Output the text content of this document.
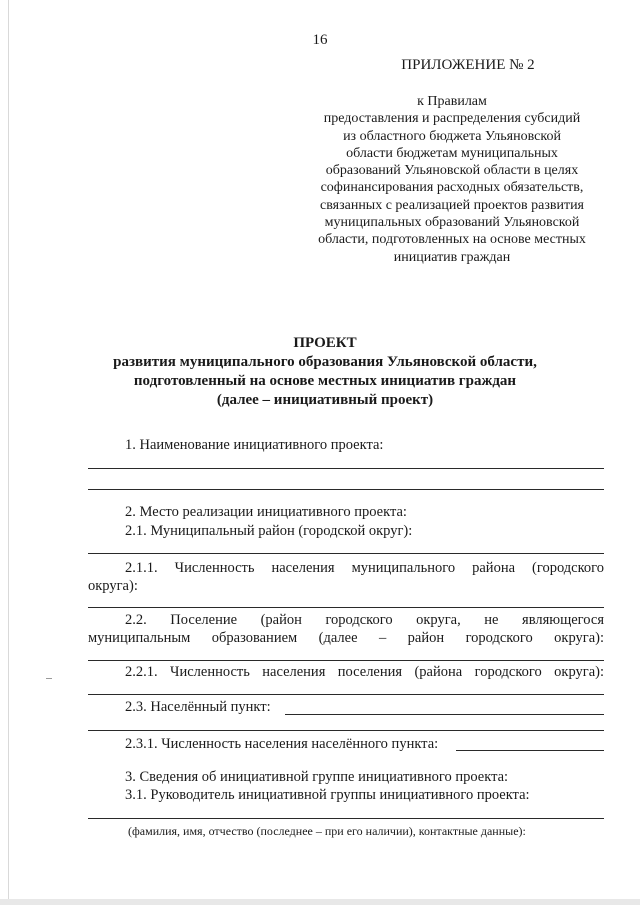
16
ПРИЛОЖЕНИЕ № 2
к Правилам
предоставления и распределения субсидий
из областного бюджета Ульяновской
области бюджетам муниципальных
образований Ульяновской области в целях
софинансирования расходных обязательств,
связанных с реализацией проектов развития
муниципальных образований Ульяновской
области, подготовленных на основе местных
инициатив граждан
ПРОЕКТ
развития муниципального образования Ульяновской области,
подготовленный на основе местных инициатив граждан
(далее – инициативный проект)
1. Наименование инициативного проекта:
2. Место реализации инициативного проекта:
2.1. Муниципальный район (городской округ):
2.1.1. Численность населения муниципального района (городского
округа):
2.2. Поселение (район городского округа, не являющегося
муниципальным образованием (далее – район городского округа):
2.2.1. Численность населения поселения (района городского округа):
2.3. Населённый пункт:
2.3.1. Численность населения населённого пункта:
3. Сведения об инициативной группе инициативного проекта:
3.1. Руководитель инициативной группы инициативного проекта:
(фамилия, имя, отчество (последнее – при его наличии), контактные данные):
